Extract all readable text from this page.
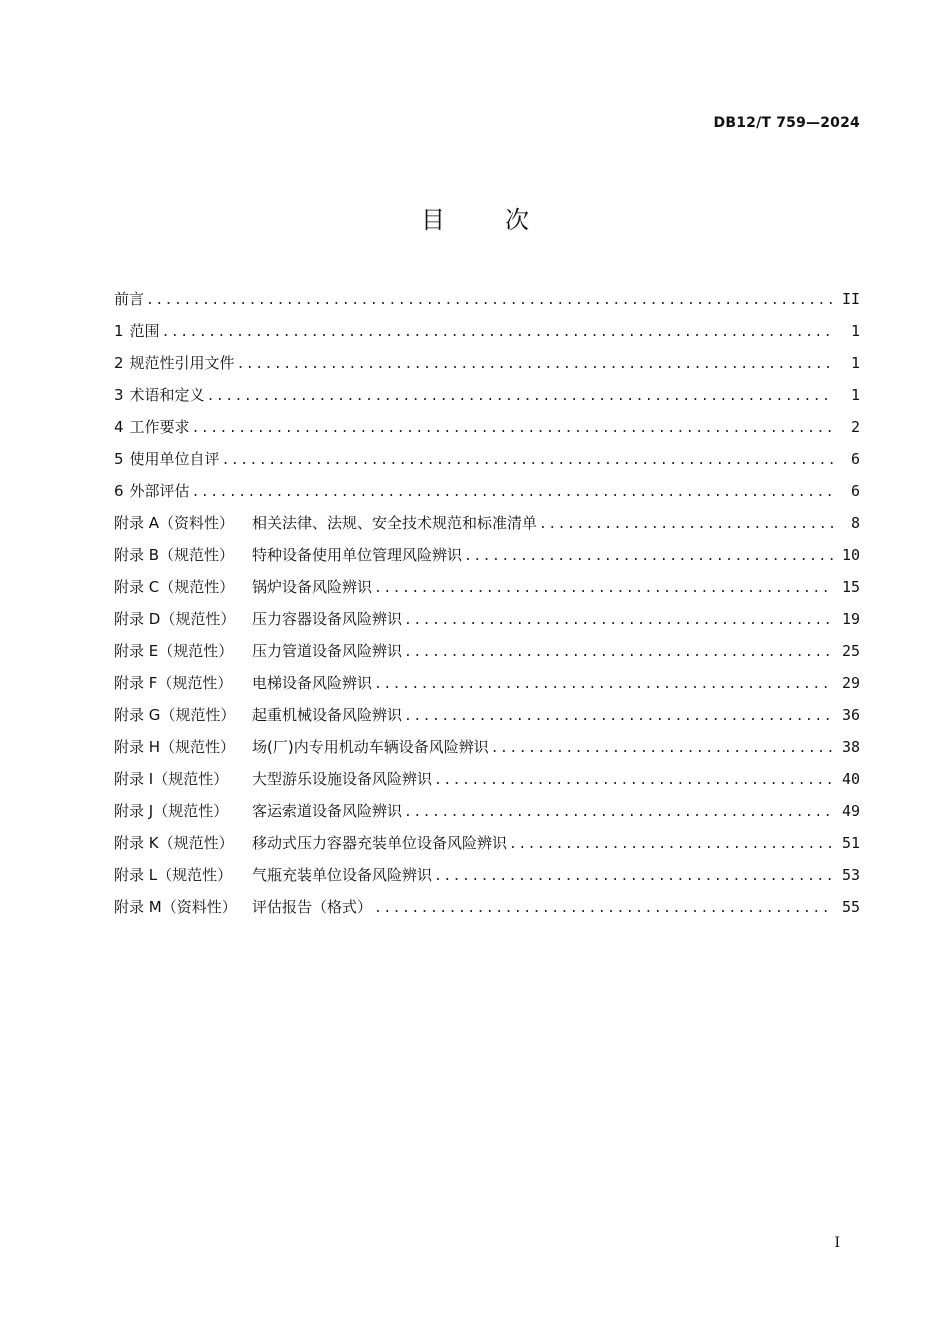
DB12/T 759—2024
目次
前言 .....	II
1 范围 .....	1
2 规范性引用文件 .....	1
3 术语和定义 .....	1
4 工作要求 .....	2
5 使用单位自评 .....	6
6 外部评估 .....	6
附录 A（资料性） 相关法律、法规、安全技术规范和标准清单 .....	8
附录 B（规范性） 特种设备使用单位管理风险辨识 .....	10
附录 C（规范性） 锅炉设备风险辨识 .....	15
附录 D（规范性） 压力容器设备风险辨识 .....	19
附录 E（规范性） 压力管道设备风险辨识 .....	25
附录 F（规范性） 电梯设备风险辨识 .....	29
附录 G（规范性） 起重机械设备风险辨识 .....	36
附录 H（规范性） 场(厂)内专用机动车辆设备风险辨识 .....	38
附录 I（规范性） 大型游乐设施设备风险辨识 .....	40
附录 J（规范性） 客运索道设备风险辨识 .....	49
附录 K（规范性） 移动式压力容器充装单位设备风险辨识 .....	51
附录 L（规范性） 气瓶充装单位设备风险辨识 .....	53
附录 M（资料性） 评估报告（格式） .....	55
I
